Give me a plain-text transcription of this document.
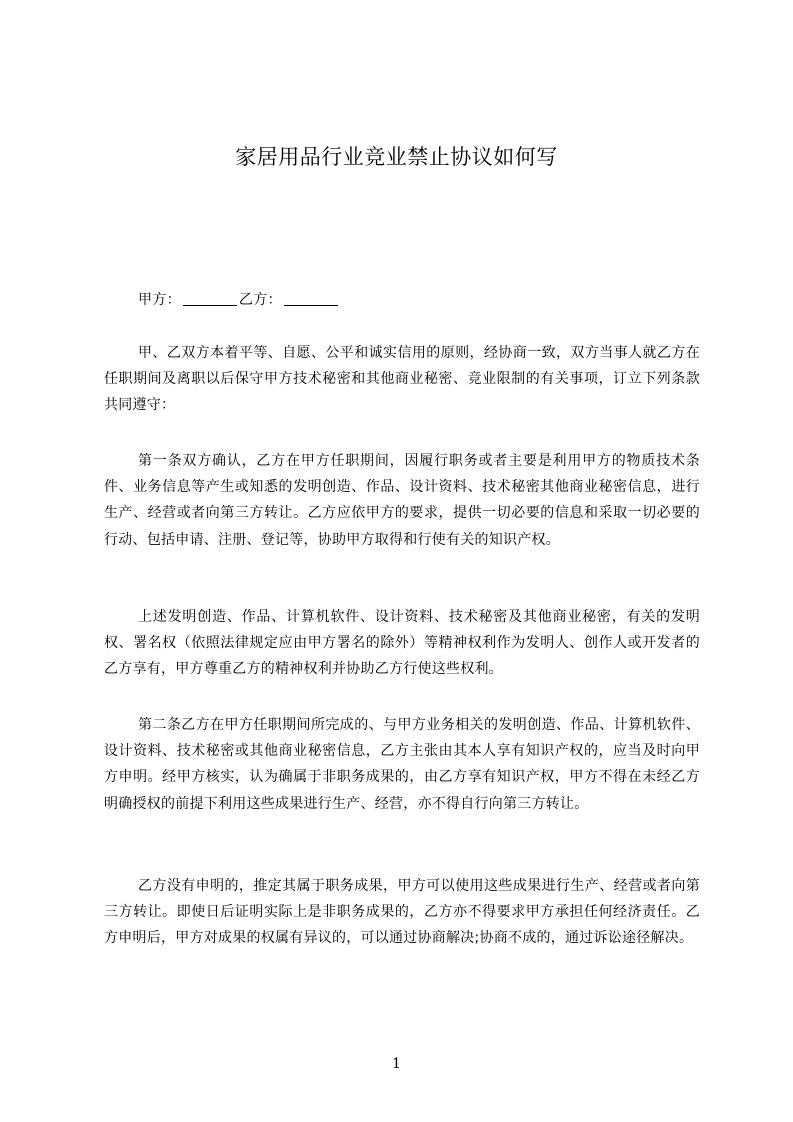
家居用品行业竞业禁止协议如何写
甲方：	乙方：

甲、乙双方本着平等、自愿、公平和诚实信用的原则，经协商一致，双方当事人就乙方在任职期间及离职以后保守甲方技术秘密和其他商业秘密、竞业限制的有关事项，订立下列条款共同遵守：

第一条双方确认，乙方在甲方任职期间，因履行职务或者主要是利用甲方的物质技术条件、业务信息等产生或知悉的发明创造、作品、设计资料、技术秘密其他商业秘密信息，进行生产、经营或者向第三方转让。乙方应依甲方的要求，提供一切必要的信息和采取一切必要的行动、包括申请、注册、登记等，协助甲方取得和行使有关的知识产权。

上述发明创造、作品、计算机软件、设计资料、技术秘密及其他商业秘密，有关的发明权、署名权（依照法律规定应由甲方署名的除外）等精神权利作为发明人、创作人或开发者的乙方享有，甲方尊重乙方的精神权利并协助乙方行使这些权利。

第二条乙方在甲方任职期间所完成的、与甲方业务相关的发明创造、作品、计算机软件、设计资料、技术秘密或其他商业秘密信息，乙方主张由其本人享有知识产权的，应当及时向甲方申明。经甲方核实，认为确属于非职务成果的，由乙方享有知识产权，甲方不得在未经乙方明确授权的前提下利用这些成果进行生产、经营，亦不得自行向第三方转让。

乙方没有申明的，推定其属于职务成果，甲方可以使用这些成果进行生产、经营或者向第三方转让。即使日后证明实际上是非职务成果的，乙方亦不得要求甲方承担任何经济责任。乙方申明后，甲方对成果的权属有异议的，可以通过协商解决;协商不成的，通过诉讼途径解决。

1
